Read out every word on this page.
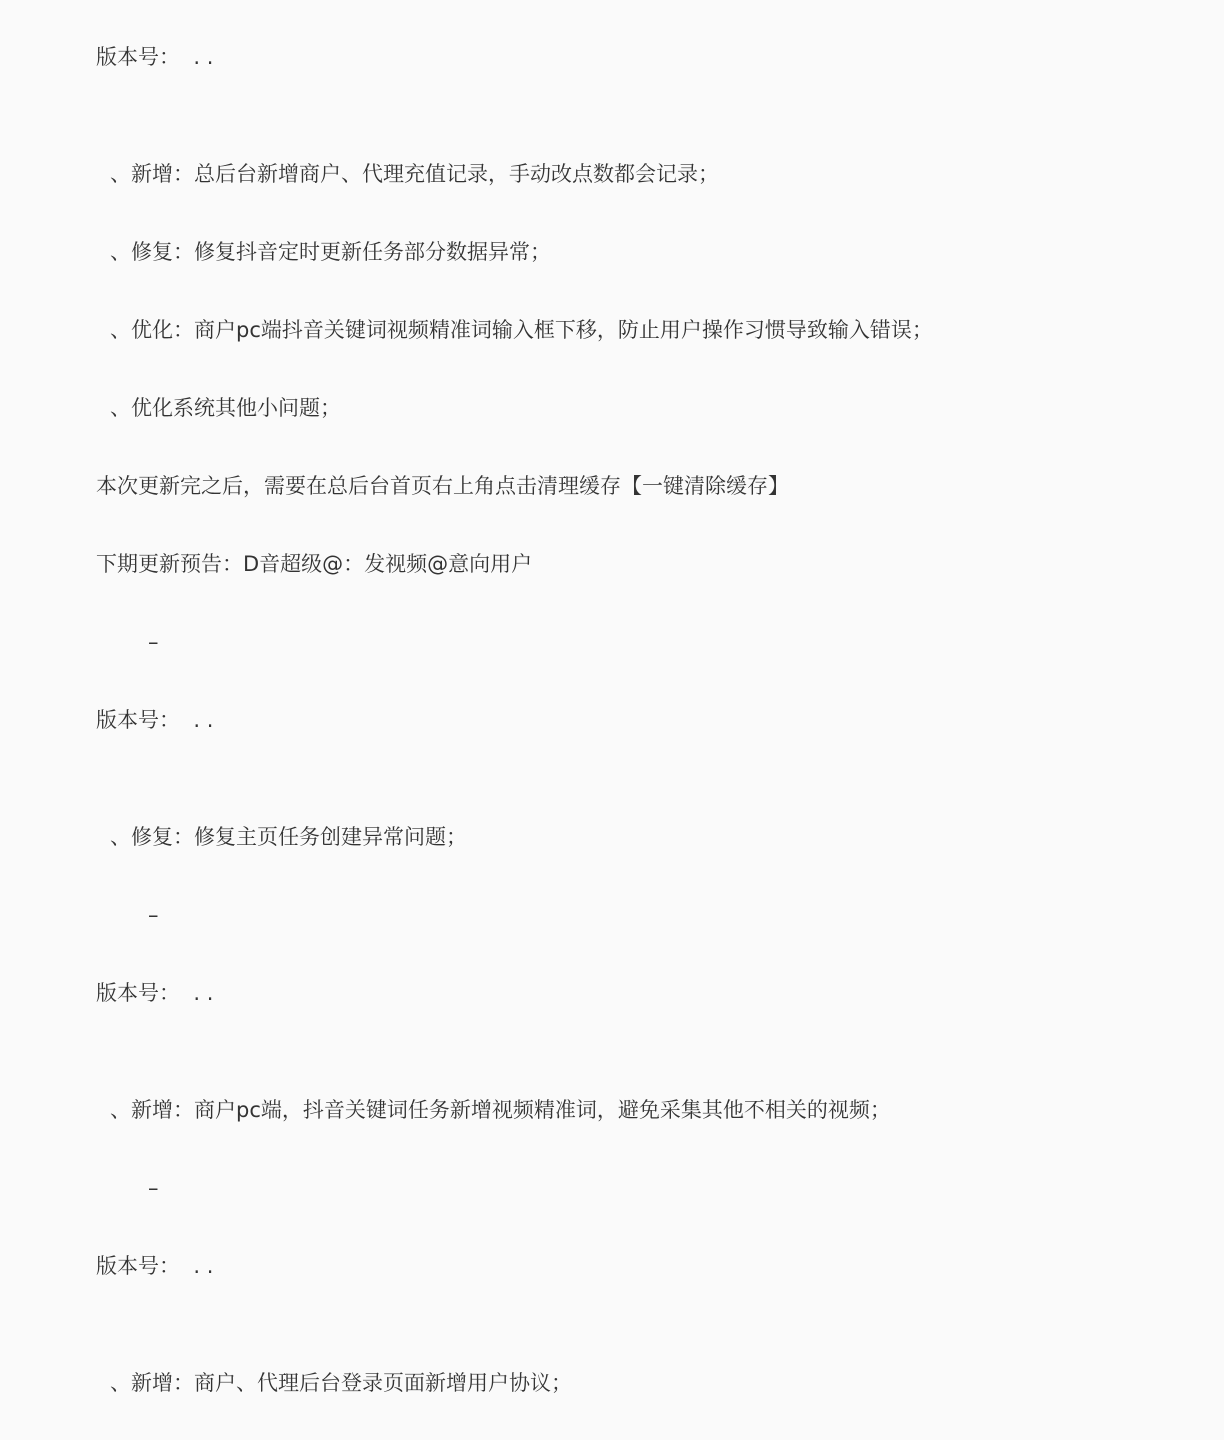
版本号：  . .

、新增：总后台新增商户、代理充值记录，手动改点数都会记录；

、修复：修复抖音定时更新任务部分数据异常；

、优化：商户pc端抖音关键词视频精准词输入框下移，防止用户操作习惯导致输入错误；

、优化系统其他小问题；

本次更新完之后，需要在总后台首页右上角点击清理缓存【一键清除缓存】

下期更新预告：D音超级@：发视频@意向用户

–

版本号：  . .

、修复：修复主页任务创建异常问题；

–

版本号：  . .

、新增：商户pc端，抖音关键词任务新增视频精准词，避免采集其他不相关的视频；

–

版本号：  . .

、新增：商户、代理后台登录页面新增用户协议；
